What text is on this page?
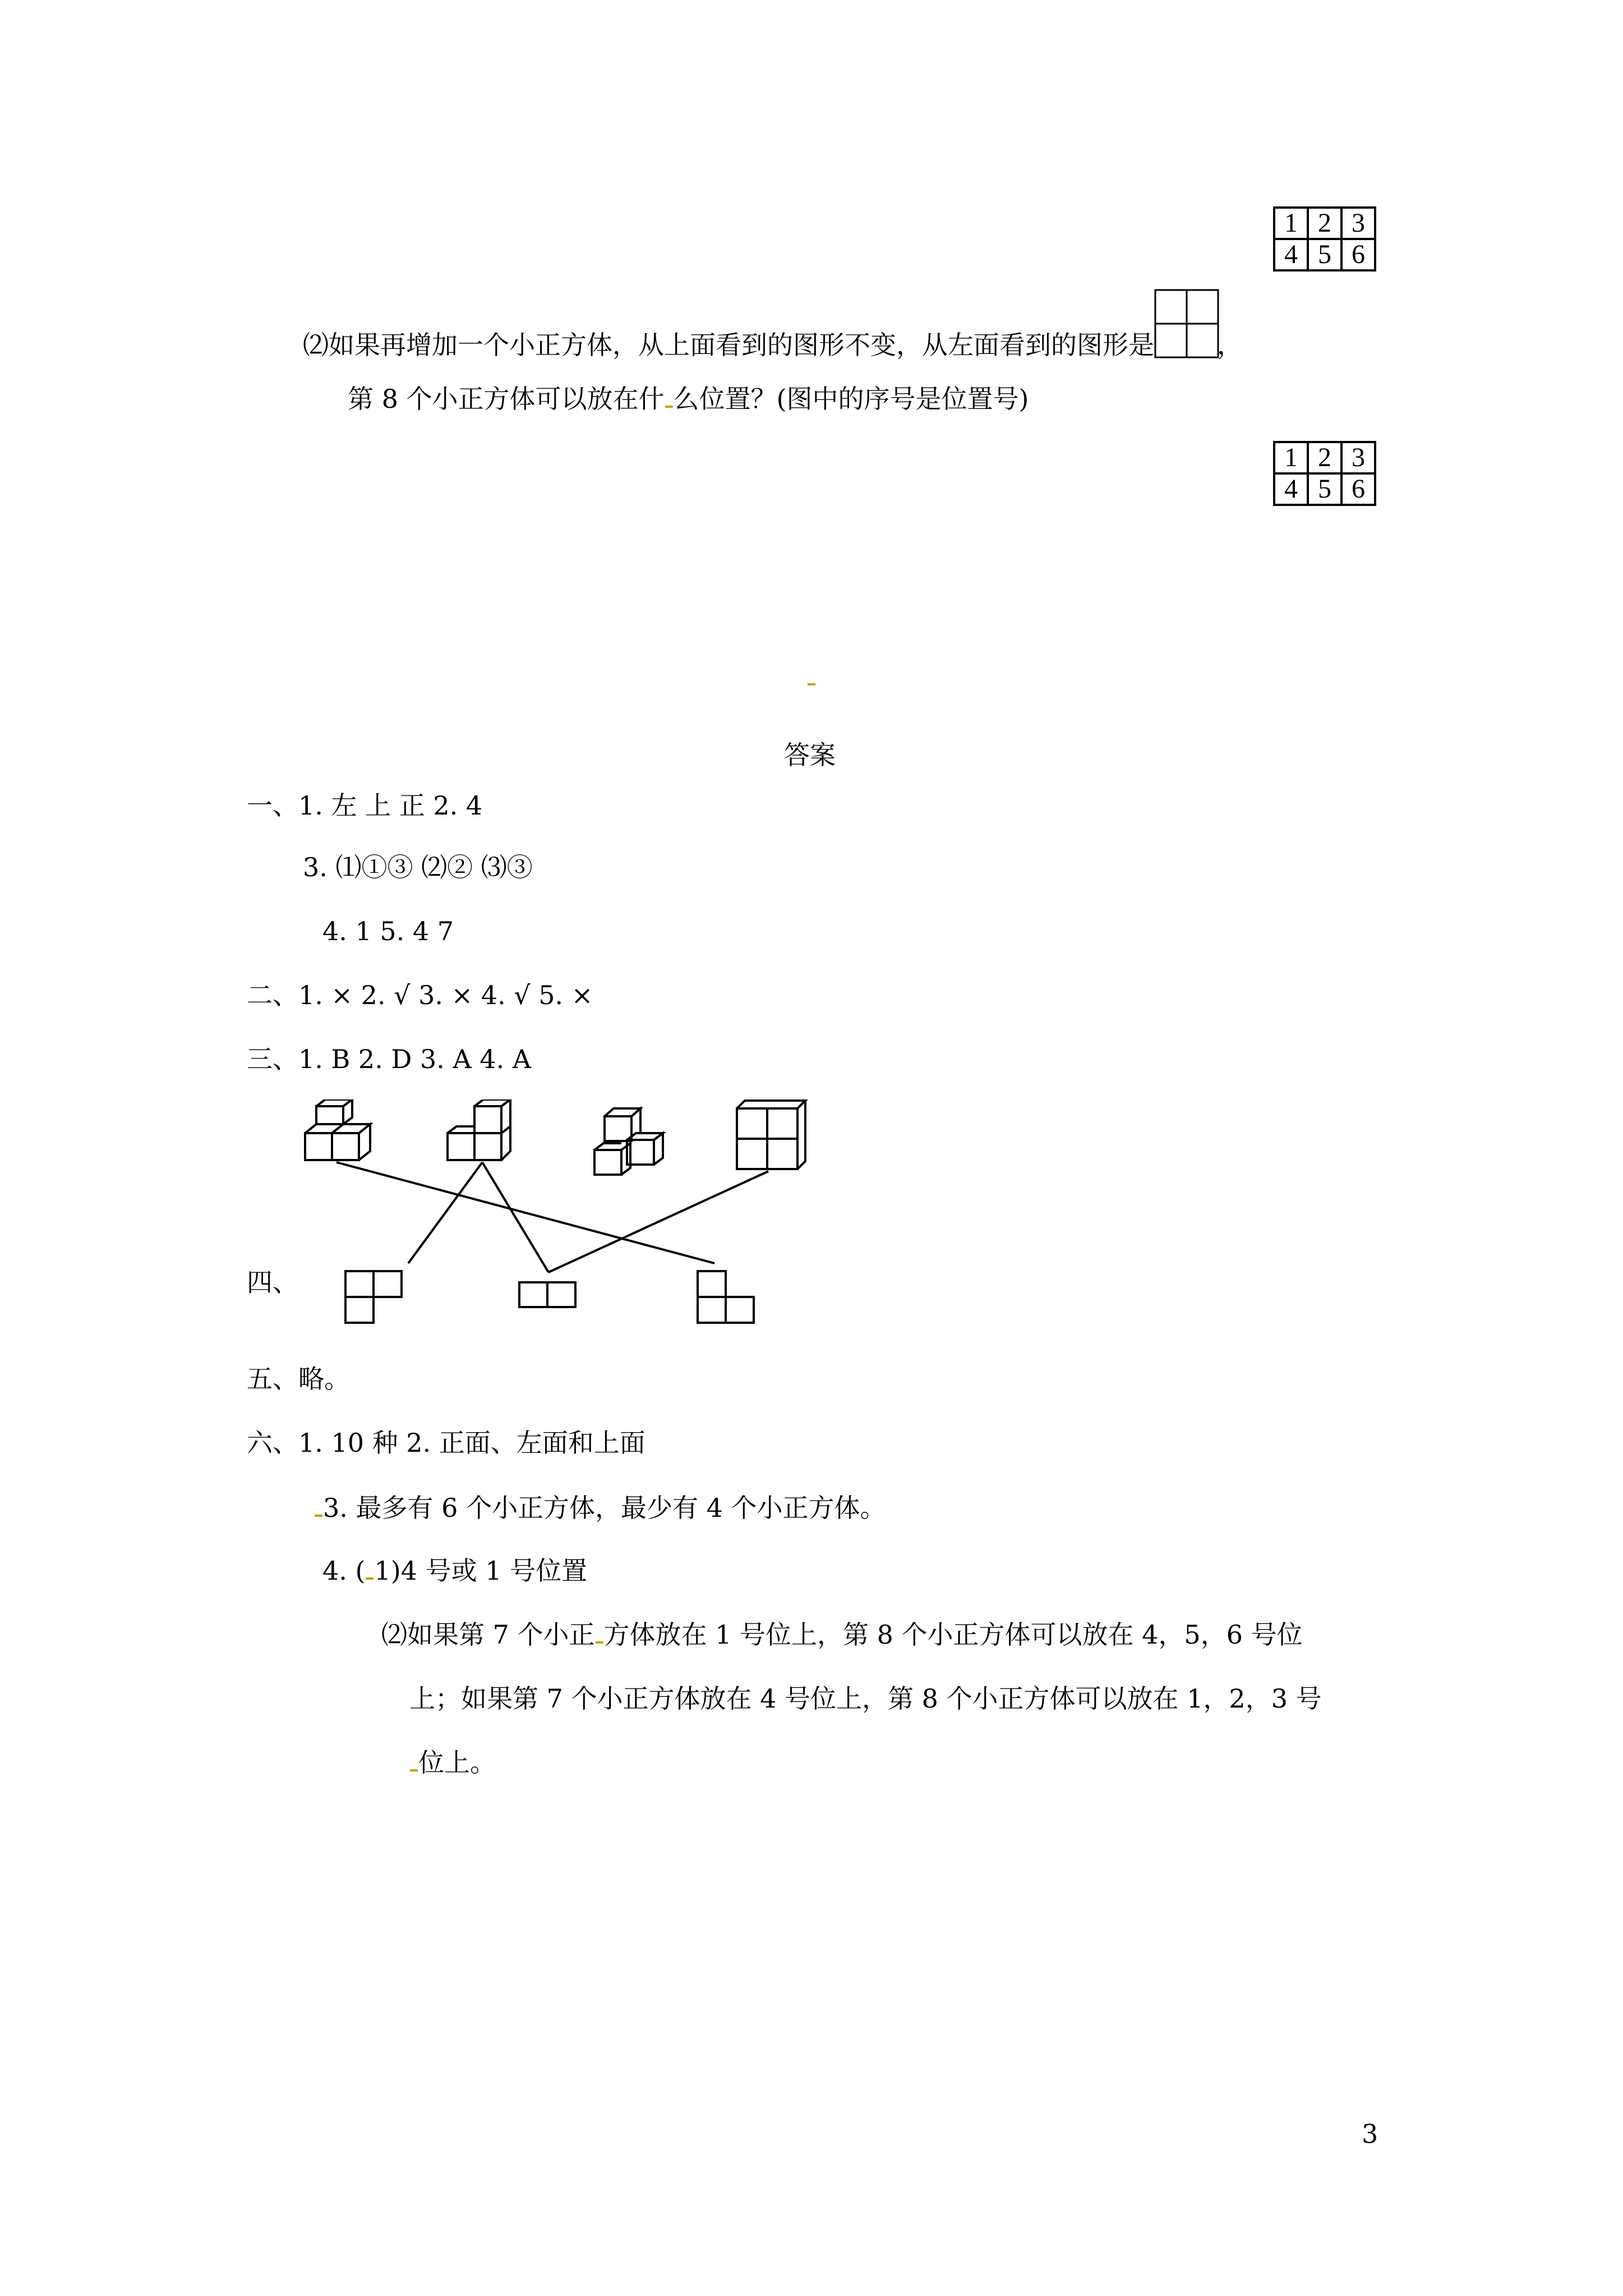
1	2	3
4	5	6
⑵如果再增加一个小正方体，从上面看到的图形不变，从左面看到的图形是 ，
第 8 个小正方体可以放在什 么位置？(图中的序号是位置号)
1	2	3
4	5	6
答案
一、1. 左 上 正 2. 4
3. ⑴①③ ⑵② ⑶③
4. 1 5. 4 7
二、1. × 2. √ 3. × 4. √ 5. ×
三、1. B 2. D 3. A 4. A
四、
五、略。
六、1. 10 种 2. 正面、左面和上面
3. 最多有 6 个小正方体，最少有 4 个小正方体。
4. ( 1)4 号或 1 号位置
⑵如果第 7 个小正 方体放在 1 号位上，第 8 个小正方体可以放在 4，5，6 号位
上；如果第 7 个小正方体放在 4 号位上，第 8 个小正方体可以放在 1，2，3 号
位上。
3
